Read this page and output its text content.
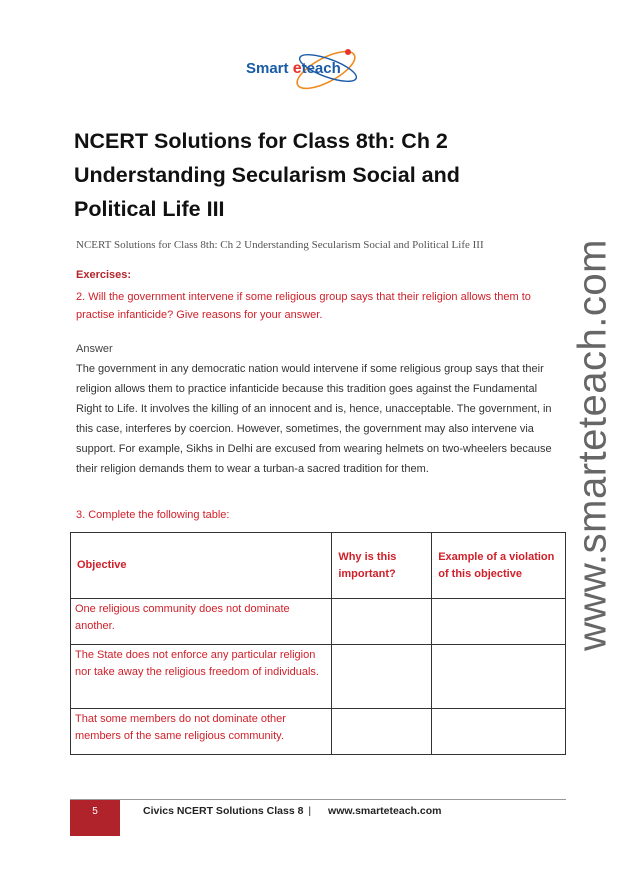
Smart eteach
www.smarteteach.com
NCERT Solutions for Class 8th: Ch 2 Understanding Secularism Social and Political Life III
NCERT Solutions for Class 8th: Ch 2 Understanding Secularism Social and Political Life III
Exercises:
2. Will the government intervene if some religious group says that their religion allows them to practise infanticide? Give reasons for your answer.
Answer
The government in any democratic nation would intervene if some religious group says that their religion allows them to practice infanticide because this tradition goes against the Fundamental Right to Life. It involves the killing of an innocent and is, hence, unacceptable. The government, in this case, interferes by coercion. However, sometimes, the government may also intervene via support. For example, Sikhs in Delhi are excused from wearing helmets on two-wheelers because their religion demands them to wear a turban-a sacred tradition for them.
3. Complete the following table:
Objective	Why is this important?	Example of a violation of this objective
One religious community does not dominate another.		
The State does not enforce any particular religion nor take away the religious freedom of individuals.		
That some members do not dominate other members of the same religious community.		
5	Civics NCERT Solutions Class 8 | www.smarteteach.com
